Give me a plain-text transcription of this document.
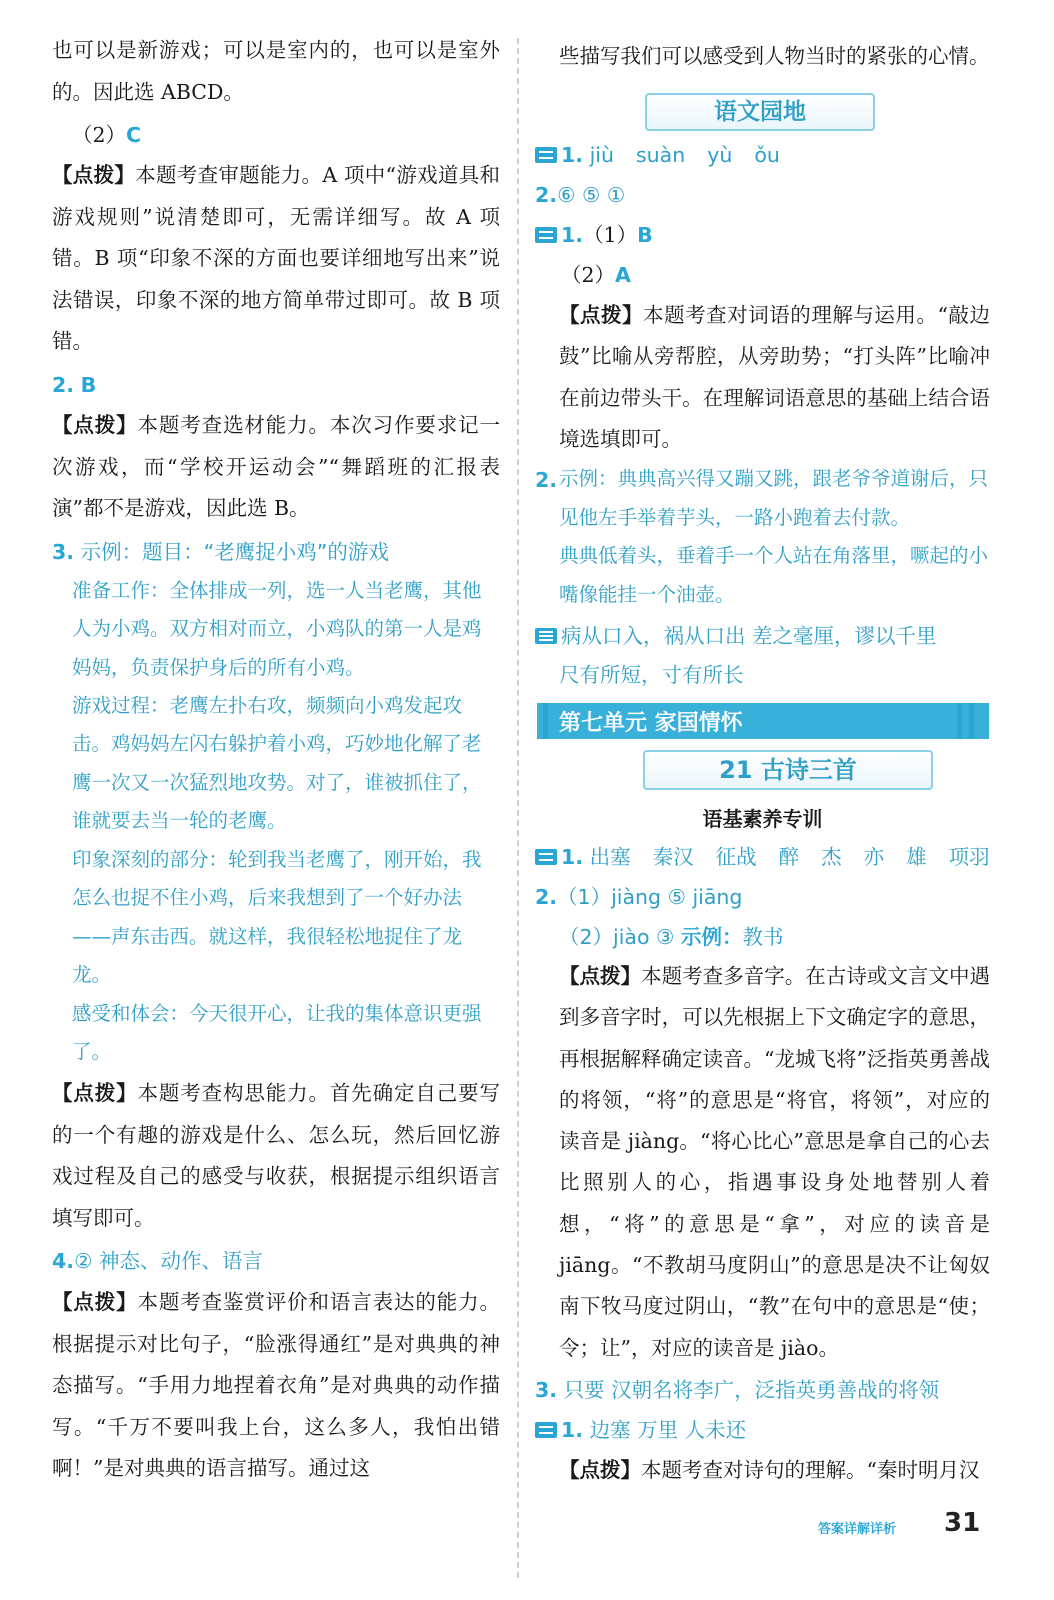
也可以是新游戏；可以是室内的，也可以是室外的。因此选 ABCD。
（2）C
【点拨】本题考查审题能力。A 项中“游戏道具和游戏规则”说清楚即可，无需详细写。故 A 项错。B 项“印象不深的方面也要详细地写出来”说法错误，印象不深的地方简单带过即可。故 B 项错。
2. B
【点拨】本题考查选材能力。本次习作要求记一次游戏，而“学校开运动会”“舞蹈班的汇报表演”都不是游戏，因此选 B。
3. 示例：题目：“老鹰捉小鸡”的游戏
准备工作：全体排成一列，选一人当老鹰，其他人为小鸡。双方相对而立，小鸡队的第一人是鸡妈妈，负责保护身后的所有小鸡。
游戏过程：老鹰左扑右攻，频频向小鸡发起攻击。鸡妈妈左闪右躲护着小鸡，巧妙地化解了老鹰一次又一次猛烈地攻势。对了，谁被抓住了，谁就要去当一轮的老鹰。
印象深刻的部分：轮到我当老鹰了，刚开始，我怎么也捉不住小鸡，后来我想到了一个好办法——声东击西。就这样，我很轻松地捉住了龙龙。
感受和体会：今天很开心，让我的集体意识更强了。
【点拨】本题考查构思能力。首先确定自己要写的一个有趣的游戏是什么、怎么玩，然后回忆游戏过程及自己的感受与收获，根据提示组织语言填写即可。
4.② 神态、动作、语言
【点拨】本题考查鉴赏评价和语言表达的能力。根据提示对比句子，“脸涨得通红”是对典典的神态描写。“手用力地捏着衣角”是对典典的动作描写。“千万不要叫我上台，这么多人，我怕出错啊！”是对典典的语言描写。通过这
些描写我们可以感受到人物当时的紧张的心情。
1. jiù suàn yù ǒu
2.⑥ ⑤ ①
1.（1）B
（2）A
【点拨】本题考查对词语的理解与运用。“敲边鼓”比喻从旁帮腔，从旁助势；“打头阵”比喻冲在前边带头干。在理解词语意思的基础上结合语境选填即可。
2. 示例：典典高兴得又蹦又跳，跟老爷爷道谢后，只见他左手举着芋头，一路小跑着去付款。
典典低着头，垂着手一个人站在角落里，噘起的小嘴像能挂一个油壶。
病从口入，祸从口出 差之毫厘，谬以千里
尺有所短，寸有所长
1. 出塞 秦汉 征战 醉 杰 亦 雄 项羽
2.（1）jiàng ⑤ jiāng
（2）jiào ③ 示例：教书
【点拨】本题考查多音字。在古诗或文言文中遇到多音字时，可以先根据上下文确定字的意思，再根据解释确定读音。“龙城飞将”泛指英勇善战的将领，“将”的意思是“将官，将领”，对应的读音是 jiàng。“将心比心”意思是拿自己的心去比照别人的心，指遇事设身处地替别人着想，“将”的意思是“拿”，对应的读音是 jiāng。“不教胡马度阴山”的意思是决不让匈奴南下牧马度过阴山，“教”在句中的意思是“使；令；让”，对应的读音是 jiào。
3. 只要 汉朝名将李广，泛指英勇善战的将领
1. 边塞 万里 人未还
【点拨】本题考查对诗句的理解。“秦时明月汉
语文园地
第七单元 家国情怀
21 古诗三首
语基素养专训
答案详解详析 31
